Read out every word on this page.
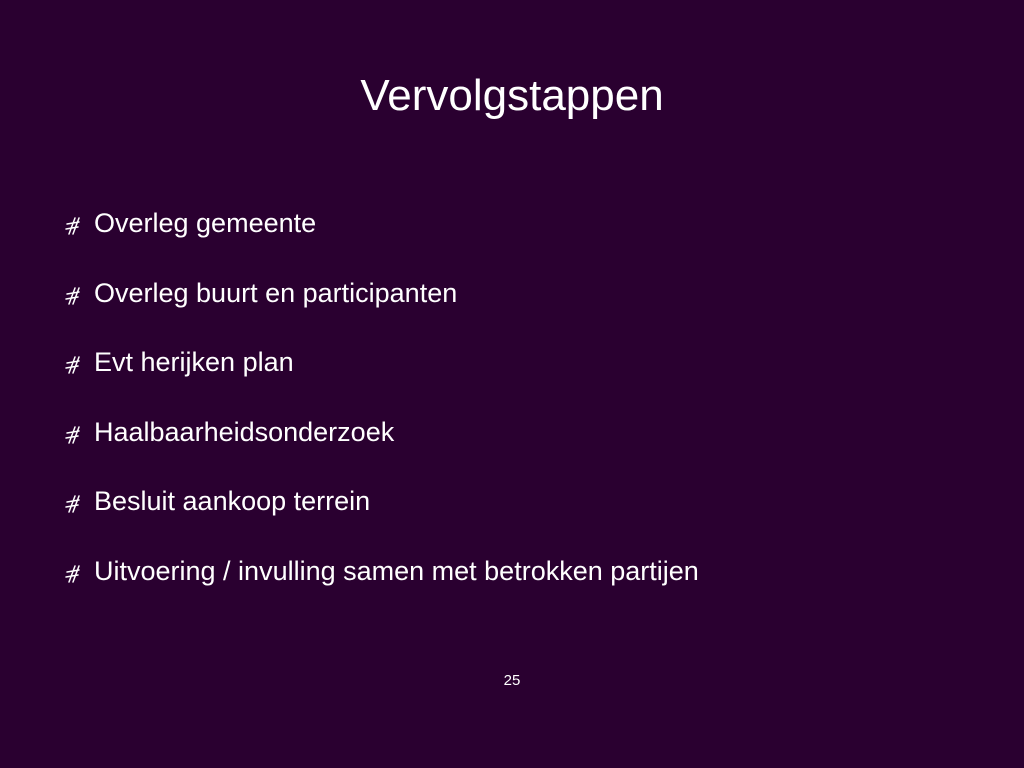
Vervolgstappen
Overleg gemeente
Overleg buurt en participanten
Evt herijken plan
Haalbaarheidsonderzoek
Besluit aankoop terrein
Uitvoering / invulling samen met betrokken partijen
25
